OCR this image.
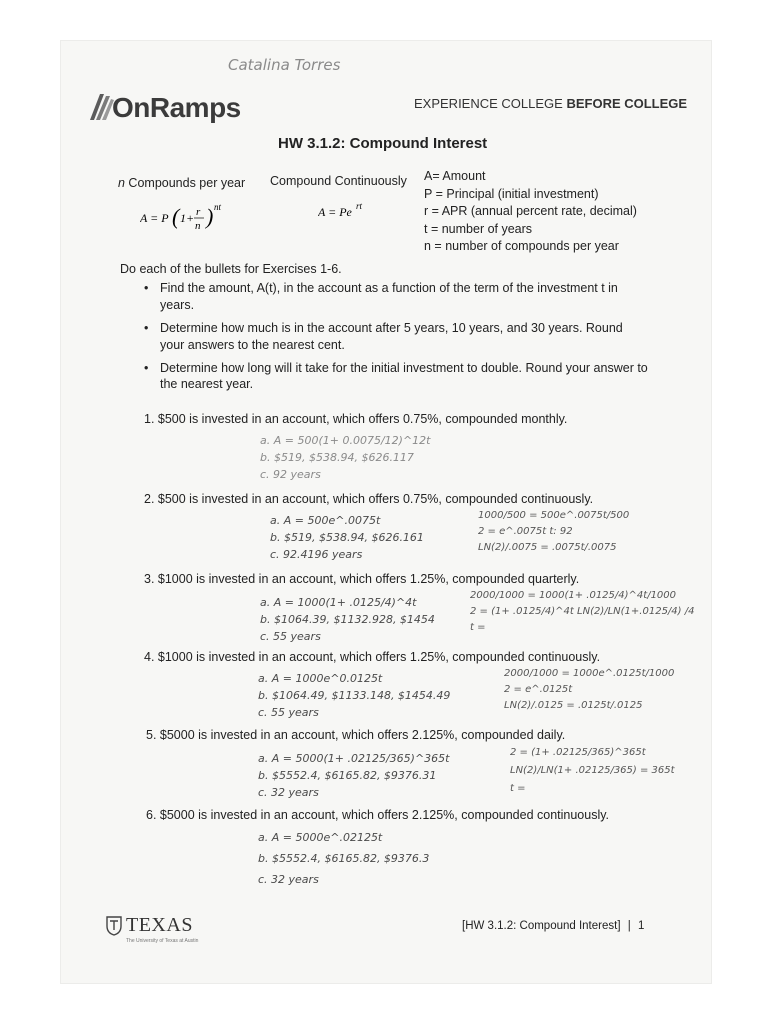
Catalina Torres
OnRamps	EXPERIENCE COLLEGE BEFORE COLLEGE
HW 3.1.2: Compound Interest
n Compounds per year
A = P ( 1+ r
n ) nt
Compound Continuously
A = Pe rt
A= Amount
P = Principal (initial investment)
r = APR (annual percent rate, decimal)
t = number of years
n = number of compounds per year
Do each of the bullets for Exercises 1-6.
• Find the amount, A(t), in the account as a function of the term of the investment t in years.
• Determine how much is in the account after 5 years, 10 years, and 30 years. Round your answers to the nearest cent.
• Determine how long will it take for the initial investment to double. Round your answer to the nearest year.
1. $500 is invested in an account, which offers 0.75%, compounded monthly.
a. A = 500(1+ 0.0075/12)^12t
b. $519, $538.94, $626.117
c. 92 years
2. $500 is invested in an account, which offers 0.75%, compounded continuously.
a. A = 500e^.0075t
b. $519, $538.94, $626.161
c. 92.4196 years
1000/500 = 500e^.0075t/500
2 = e^.0075t t: 92
LN(2)/.0075 = .0075t/.0075
3. $1000 is invested in an account, which offers 1.25%, compounded quarterly.
a. A = 1000(1+ .0125/4)^4t
b. $1064.39, $1132.928, $1454
c. 55 years
2000/1000 = 1000(1+ .0125/4)^4t/1000
2 = (1+ .0125/4)^4t LN(2)/LN(1+.0125/4) /4
t =
4. $1000 is invested in an account, which offers 1.25%, compounded continuously.
a. A = 1000e^0.0125t
b. $1064.49, $1133.148, $1454.49
c. 55 years
2000/1000 = 1000e^.0125t/1000
2 = e^.0125t
LN(2)/.0125 = .0125t/.0125
5. $5000 is invested in an account, which offers 2.125%, compounded daily.
a. A = 5000(1+ .02125/365)^365t
b. $5552.4, $6165.82, $9376.31
c. 32 years
2 = (1+ .02125/365)^365t
LN(2)/LN(1+ .02125/365) = 365t
t =
6. $5000 is invested in an account, which offers 2.125%, compounded continuously.
a. A = 5000e^.02125t
b. $5552.4, $6165.82, $9376.3
c. 32 years
TEXAS
The University of Texas at Austin
[HW 3.1.2: Compound Interest] | 1
